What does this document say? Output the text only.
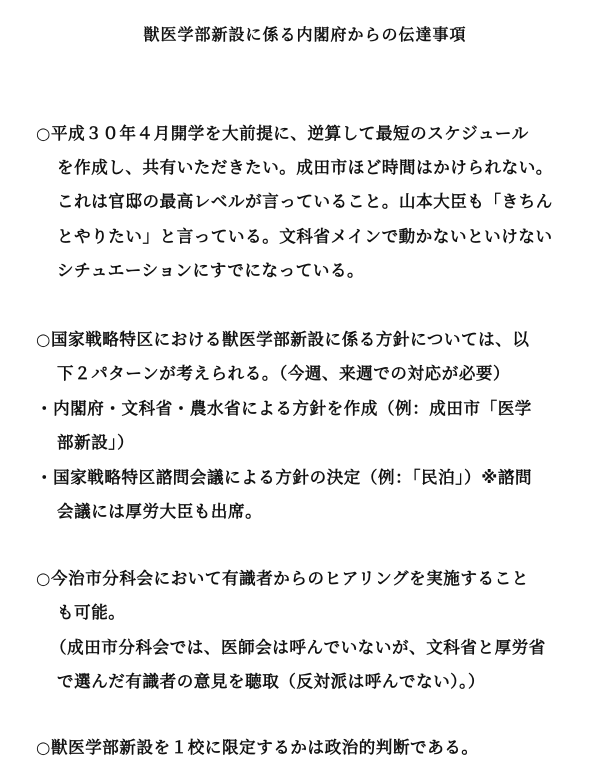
獣医学部新設に係る内閣府からの伝達事項
○平成３０年４月開学を大前提に、逆算して最短のスケジュール
を作成し、共有いただきたい。成田市ほど時間はかけられない。
これは官邸の最高レベルが言っていること。山本大臣も「きちん
とやりたい」と言っている。文科省メインで動かないといけない
シチュエーションにすでになっている。
○国家戦略特区における獣医学部新設に係る方針については、以
下２パターンが考えられる。（今週、来週での対応が必要）
・内閣府・文科省・農水省による方針を作成（例：成田市「医学
部新設」）
・国家戦略特区諮問会議による方針の決定（例：「民泊」）※諮問
会議には厚労大臣も出席。
○今治市分科会において有識者からのヒアリングを実施すること
も可能。
（成田市分科会では、医師会は呼んでいないが、文科省と厚労省
で選んだ有識者の意見を聴取（反対派は呼んでない）。）
○獣医学部新設を１校に限定するかは政治的判断である。
